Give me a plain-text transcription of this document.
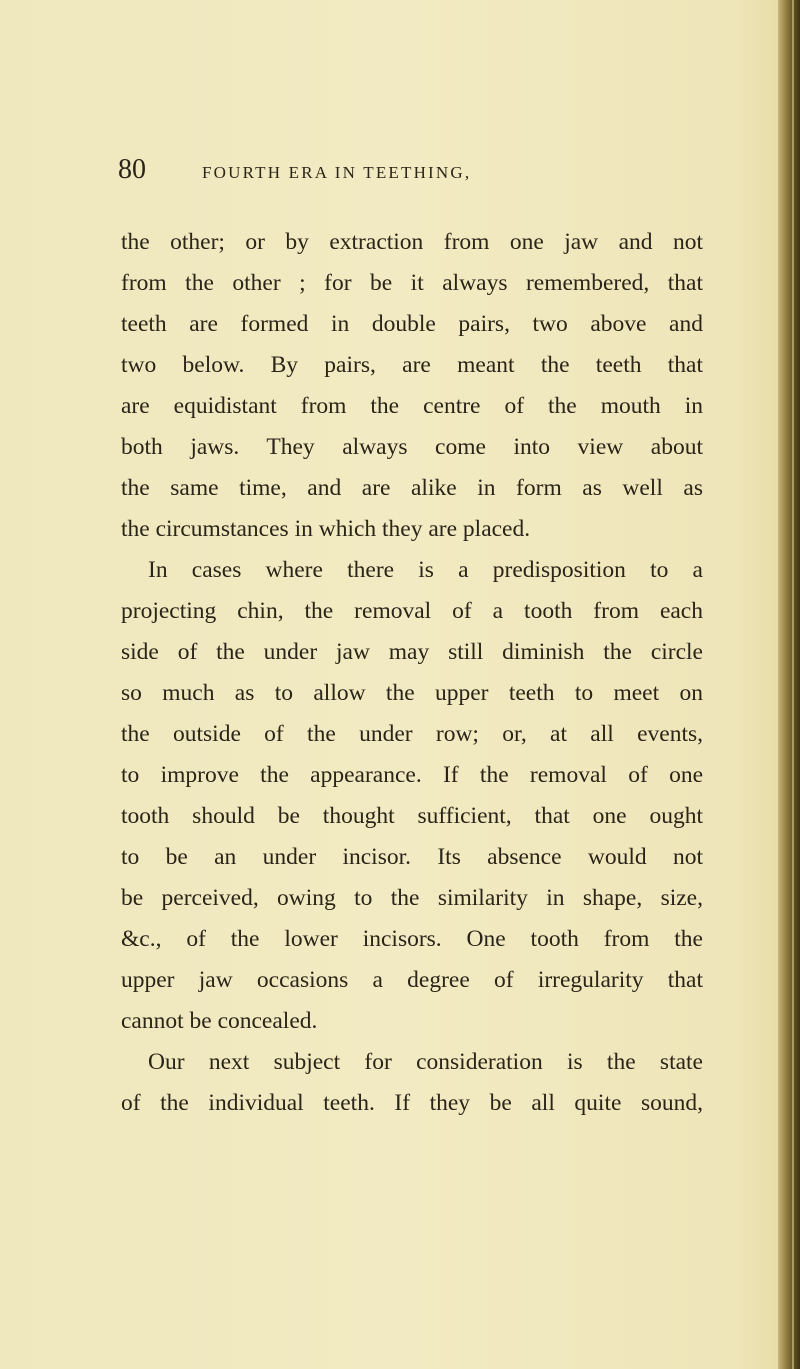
80	FOURTH ERA IN TEETHING,
the other; or by extraction from one jaw and not
from the other ; for be it always remembered, that
teeth are formed in double pairs, two above and
two below. By pairs, are meant the teeth that
are equidistant from the centre of the mouth in
both jaws. They always come into view about
the same time, and are alike in form as well as
the circumstances in which they are placed.
In cases where there is a predisposition to a
projecting chin, the removal of a tooth from each
side of the under jaw may still diminish the circle
so much as to allow the upper teeth to meet on
the outside of the under row; or, at all events,
to improve the appearance. If the removal of one
tooth should be thought sufficient, that one ought
to be an under incisor. Its absence would not
be perceived, owing to the similarity in shape, size,
&c., of the lower incisors. One tooth from the
upper jaw occasions a degree of irregularity that
cannot be concealed.
Our next subject for consideration is the state
of the individual teeth. If they be all quite sound,
